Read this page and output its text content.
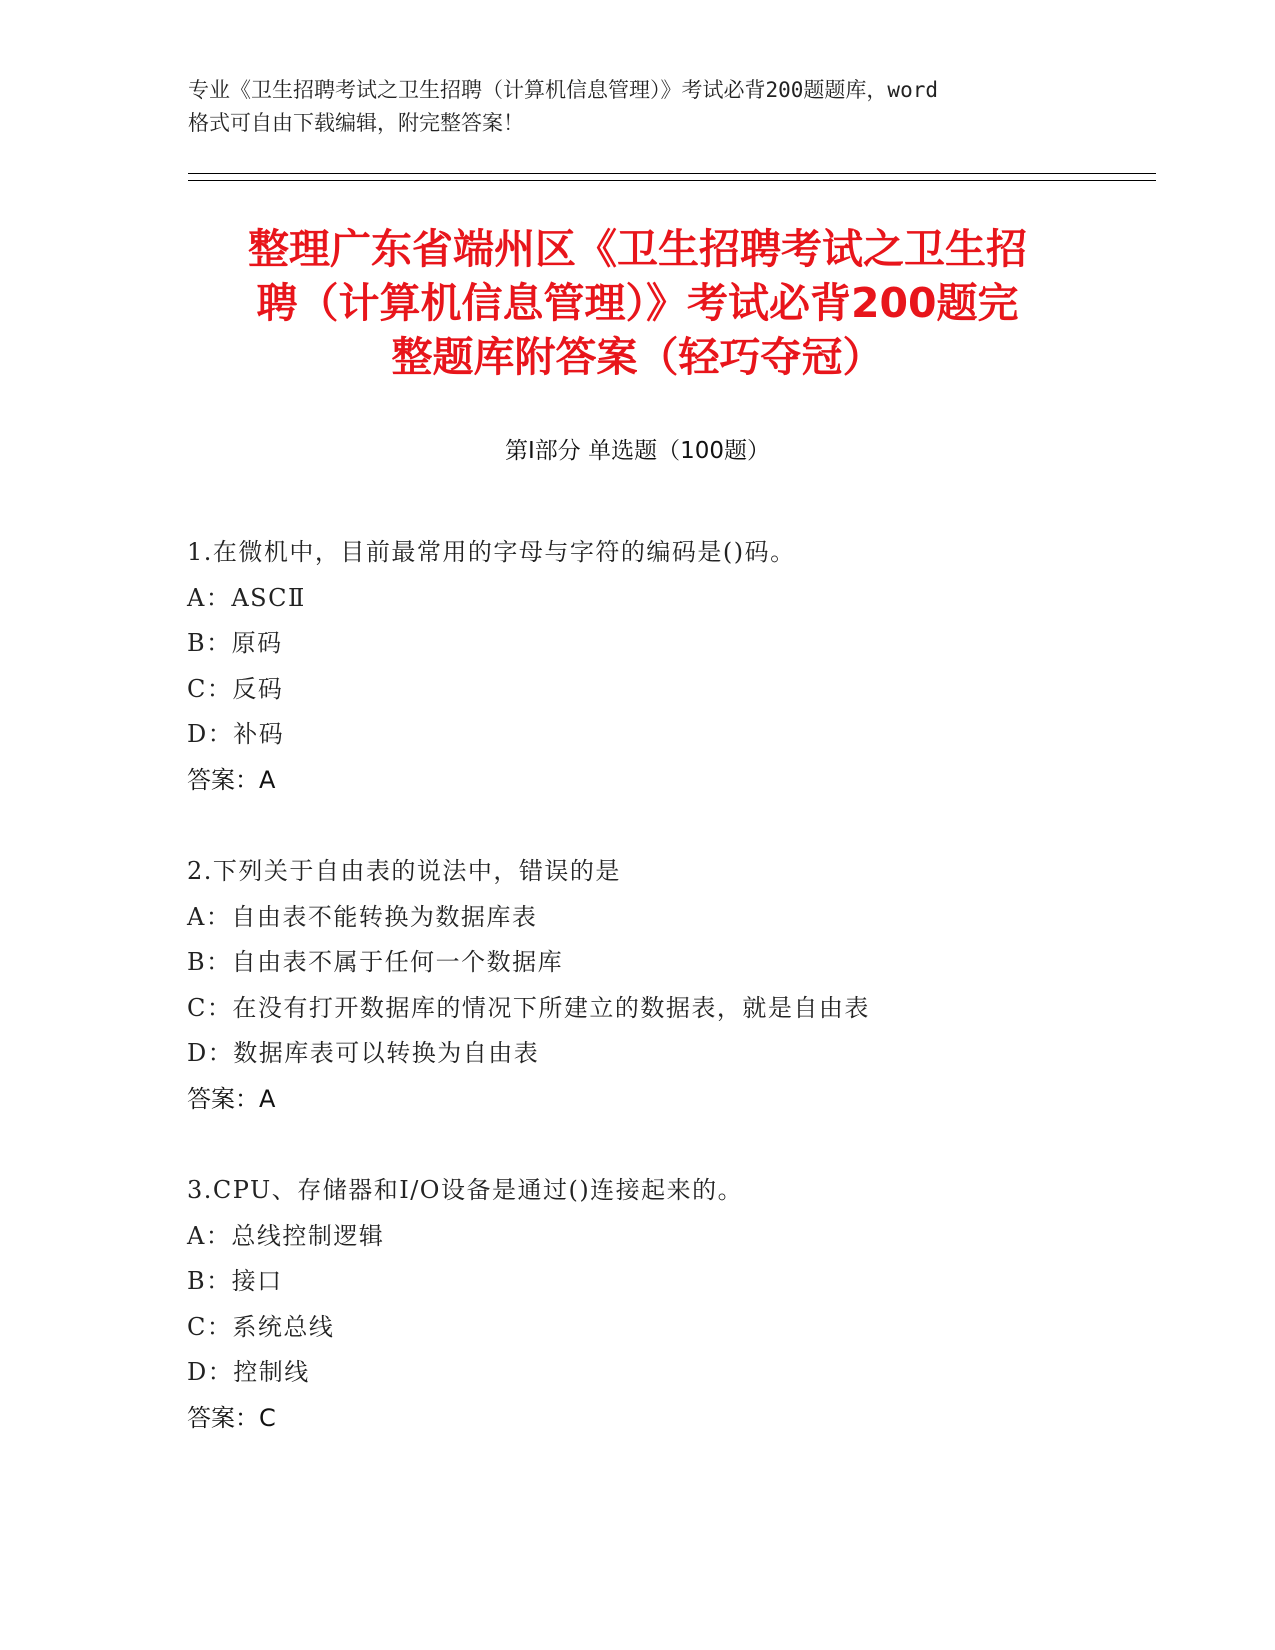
专业《卫生招聘考试之卫生招聘（计算机信息管理）》考试必背200题题库，word
格式可自由下载编辑，附完整答案！
整理广东省端州区《卫生招聘考试之卫生招
聘（计算机信息管理）》考试必背200题完
整题库附答案（轻巧夺冠）
第Ⅰ部分 单选题（100题）
1.在微机中，目前最常用的字母与字符的编码是()码。
A：ASCⅡ
B：原码
C：反码
D：补码
答案：A
2.下列关于自由表的说法中，错误的是
A：自由表不能转换为数据库表
B：自由表不属于任何一个数据库
C：在没有打开数据库的情况下所建立的数据表，就是自由表
D：数据库表可以转换为自由表
答案：A
3.CPU、存储器和I/O设备是通过()连接起来的。
A：总线控制逻辑
B：接口
C：系统总线
D：控制线
答案：C
